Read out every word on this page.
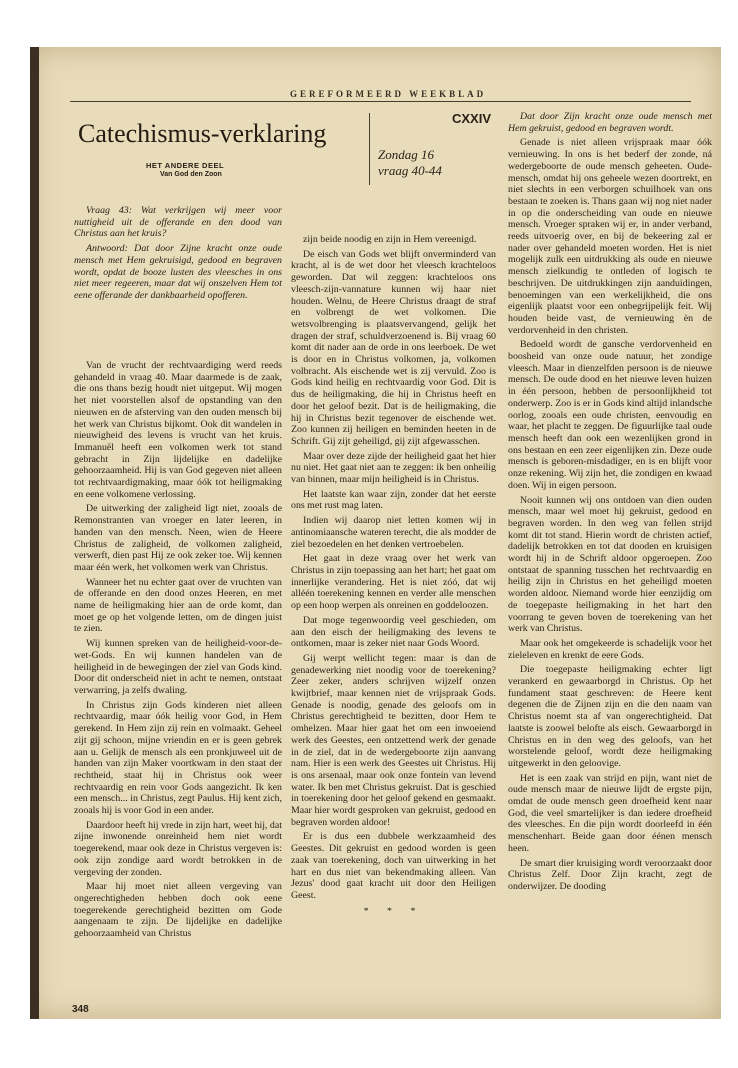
GEREFORMEERD WEEKBLAD
Catechismus-verklaring
HET ANDERE DEEL
Van God den Zoon
Zondag 16
vraag 40-44
CXXIV

Vraag 43: Wat verkrijgen wij meer voor nuttigheid uit de offerande en den dood van Christus aan het kruis?

Antwoord: Dat door Zijne kracht onze oude mensch met Hem gekruisigd, gedood en begraven wordt, opdat de booze lusten des vleesches in ons niet meer regeeren, maar dat wij onszelven Hem tot eene offerande der dankbaarheid opofferen.

Van de vrucht der rechtvaardiging werd reeds gehandeld in vraag 40. Maar daarmede is de zaak, die ons thans bezig houdt niet uitgeput. Wij mogen het niet voorstellen alsof de opstanding van den nieuwen en de afsterving van den ouden mensch bij het werk van Christus bijkomt. Ook dit wandelen in nieuwigheid des levens is vrucht van het kruis. Immanuël heeft een volkomen werk tot stand gebracht in Zijn lijdelijke en dadelijke gehoorzaamheid. Hij is van God gegeven niet alleen tot rechtvaardigmaking, maar óók tot heiligmaking en eene volkomene verlossing.

De uitwerking der zaligheid ligt niet, zooals de Remonstranten van vroeger en later leeren, in handen van den mensch. Neen, wien de Heere Christus de zaligheid, de volkomen zaligheid, verwerft, dien past Hij ze ook zeker toe. Wij kennen maar één werk, het volkomen werk van Christus.

Wanneer het nu echter gaat over de vruchten van de offerande en den dood onzes Heeren, en met name de heiligmaking hier aan de orde komt, dan moet ge op het volgende letten, om de dingen juist te zien.

Wij kunnen spreken van de heiligheid-voor-de-wet-Gods. En wij kunnen handelen van de heiligheid in de bewegingen der ziel van Gods kind. Door dit onderscheid niet in acht te nemen, ontstaat verwarring, ja zelfs dwaling.

In Christus zijn Gods kinderen niet alleen rechtvaardig, maar óók heilig voor God, in Hem gerekend. In Hem zijn zij rein en volmaakt. Geheel zijt gij schoon, mijne vriendin en er is geen gebrek aan u. Gelijk de mensch als een pronkjuweel uit de handen van zijn Maker voortkwam in den staat der rechtheid, staat hij in Christus ook weer rechtvaardig en rein voor Gods aangezicht. Ik ken een mensch... in Christus, zegt Paulus. Hij kent zich, zooals hij is voor God in een ander.

Daardoor heeft hij vrede in zijn hart, weet hij, dat zijne inwonende onreinheid hem niet wordt toegerekend, maar ook deze in Christus vergeven is: ook zijn zondige aard wordt betrokken in de vergeving der zonden.

Maar hij moet niet alleen vergeving van ongerechtigheden hebben doch ook eene toegerekende gerechtigheid bezitten om Gode aangenaam te zijn. De lijdelijke en dadelijke gehoorzaamheid van Christus

zijn beide noodig en zijn in Hem vereenigd.

De eisch van Gods wet blijft onverminderd van kracht, al is de wet door het vleesch krachteloos geworden. Dat wil zeggen: krachteloos ons vleesch-zijn-vannature kunnen wij haar niet houden. Welnu, de Heere Christus draagt de straf en volbrengt de wet volkomen. Die wetsvolbrenging is plaatsvervangend, gelijk het dragen der straf, schuldverzoenend is. Bij vraag 60 komt dit nader aan de orde in ons leerboek. De wet is door en in Christus volkomen, ja, volkomen volbracht. Als eischende wet is zij vervuld. Zoo is Gods kind heilig en rechtvaardig voor God. Dit is dus de heiligmaking, die hij in Christus heeft en door het geloof bezit. Dat is de heiligmaking, die hij in Christus bezit tegenover de eischende wet. Zoo kunnen zij heiligen en beminden heeten in de Schrift. Gij zijt geheiligd, gij zijt afgewasschen.

Maar over deze zijde der heiligheid gaat het hier nu niet. Het gaat niet aan te zeggen: ik ben onheilig van binnen, maar mijn heiligheid is in Christus.

Het laatste kan waar zijn, zonder dat het eerste ons met rust mag laten.

Indien wij daarop niet letten komen wij in antinomiaansche wateren terecht, die als modder de ziel bezoedelen en het denken vertroebelen.

Het gaat in deze vraag over het werk van Christus in zijn toepassing aan het hart; het gaat om innerlijke verandering. Het is niet zóó, dat wij alléén toerekening kennen en verder alle menschen op een hoop werpen als onreinen en goddeloozen.

Dat moge tegenwoordig veel geschieden, om aan den eisch der heiligmaking des levens te ontkomen, maar is zeker niet naar Gods Woord.

Gij werpt wellicht tegen: maar is dan de genadewerking niet noodig voor de toerekening? Zeer zeker, anders schrijven wijzelf onzen kwijtbrief, maar kennen niet de vrijspraak Gods. Genade is noodig, genade des geloofs om in Christus gerechtigheid te bezitten, door Hem te omhelzen. Maar hier gaat het om een inwoeiend werk des Geestes, een ontzettend werk der genade in de ziel, dat in de wedergeboorte zijn aanvang nam. Hier is een werk des Geestes uit Christus. Hij is ons arsenaal, maar ook onze fontein van levend water. Ik ben met Christus gekruist. Dat is geschied in toerekening door het geloof gekend en gesmaakt. Maar hier wordt gesproken van gekruist, gedood en begraven worden aldoor!

Er is dus een dubbele werkzaamheid des Geestes. Dit gekruist en gedood worden is geen zaak van toerekening, doch van uitwerking in het hart en dus niet van bekendmaking alleen. Van Jezus' dood gaat kracht uit door den Heiligen Geest.

* * *

Dat door Zijn kracht onze oude mensch met Hem gekruist, gedood en begraven wordt.

Genade is niet alleen vrijspraak maar óók vernieuwing. In ons is het bederf der zonde, ná wedergeboorte de oude mensch geheeten. Oude-mensch, omdat hij ons geheele wezen doortrekt, en niet slechts in een verborgen schuilhoek van ons bestaan te zoeken is. Thans gaan wij nog niet nader in op die onderscheiding van oude en nieuwe mensch. Vroeger spraken wij er, in ander verband, reeds uitvoerig over, en bij de bekeering zal er nader over gehandeld moeten worden. Het is niet mogelijk zulk een uitdrukking als oude en nieuwe mensch zielkundig te ontleden of logisch te beschrijven. De uitdrukkingen zijn aanduidingen, benoemingen van een werkelijkheid, die ons eigenlijk plaatst voor een onbegrijpelijk feit. Wij houden beide vast, de vernieuwing èn de verdorvenheid in den christen.

Bedoeld wordt de gansche verdorvenheid en boosheid van onze oude natuur, het zondige vleesch. Maar in dienzelfden persoon is de nieuwe mensch. De oude dood en het nieuwe leven huizen in één persoon, hebben de persoonlijkheid tot onderwerp. Zoo is er in Gods kind altijd inlandsche oorlog, zooals een oude christen, eenvoudig en waar, het placht te zeggen. De figuurlijke taal oude mensch heeft dan ook een wezenlijken grond in ons bestaan en een zeer eigenlijken zin. Deze oude mensch is geboren-misdadiger, en is en blijft voor onze rekening. Wij zijn het, die zondigen en kwaad doen. Wij in eigen persoon.

Nooit kunnen wij ons ontdoen van dien ouden mensch, maar wel moet hij gekruist, gedood en begraven worden. In den weg van fellen strijd komt dit tot stand. Hierin wordt de christen actief, dadelijk betrokken en tot dat dooden en kruisigen wordt hij in de Schrift aldoor opgeroepen. Zoo ontstaat de spanning tusschen het rechtvaardig en heilig zijn in Christus en het geheiligd moeten worden aldoor. Niemand worde hier eenzijdig om de toegepaste heiligmaking in het hart den voorrang te geven boven de toerekening van het werk van Christus.

Maar ook het omgekeerde is schadelijk voor het zieleleven en krenkt de eere Gods.

Die toegepaste heiligmaking echter ligt verankerd en gewaarborgd in Christus. Op het fundament staat geschreven: de Heere kent degenen die de Zijnen zijn en die den naam van Christus noemt sta af van ongerechtigheid. Dat laatste is zoowel belofte als eisch. Gewaarborgd in Christus en in den weg des geloofs, van het worstelende geloof, wordt deze heiligmaking uitgewerkt in den geloovige.

Het is een zaak van strijd en pijn, want niet de oude mensch maar de nieuwe lijdt de ergste pijn, omdat de oude mensch geen droefheid kent naar God, die veel smartelijker is dan iedere droefheid des vleesches. En die pijn wordt doorleefd in één menschenhart. Beide gaan door éénen mensch heen.

De smart dier kruisiging wordt veroorzaakt door Christus Zelf. Door Zijn kracht, zegt de onderwijzer. De dooding

348
